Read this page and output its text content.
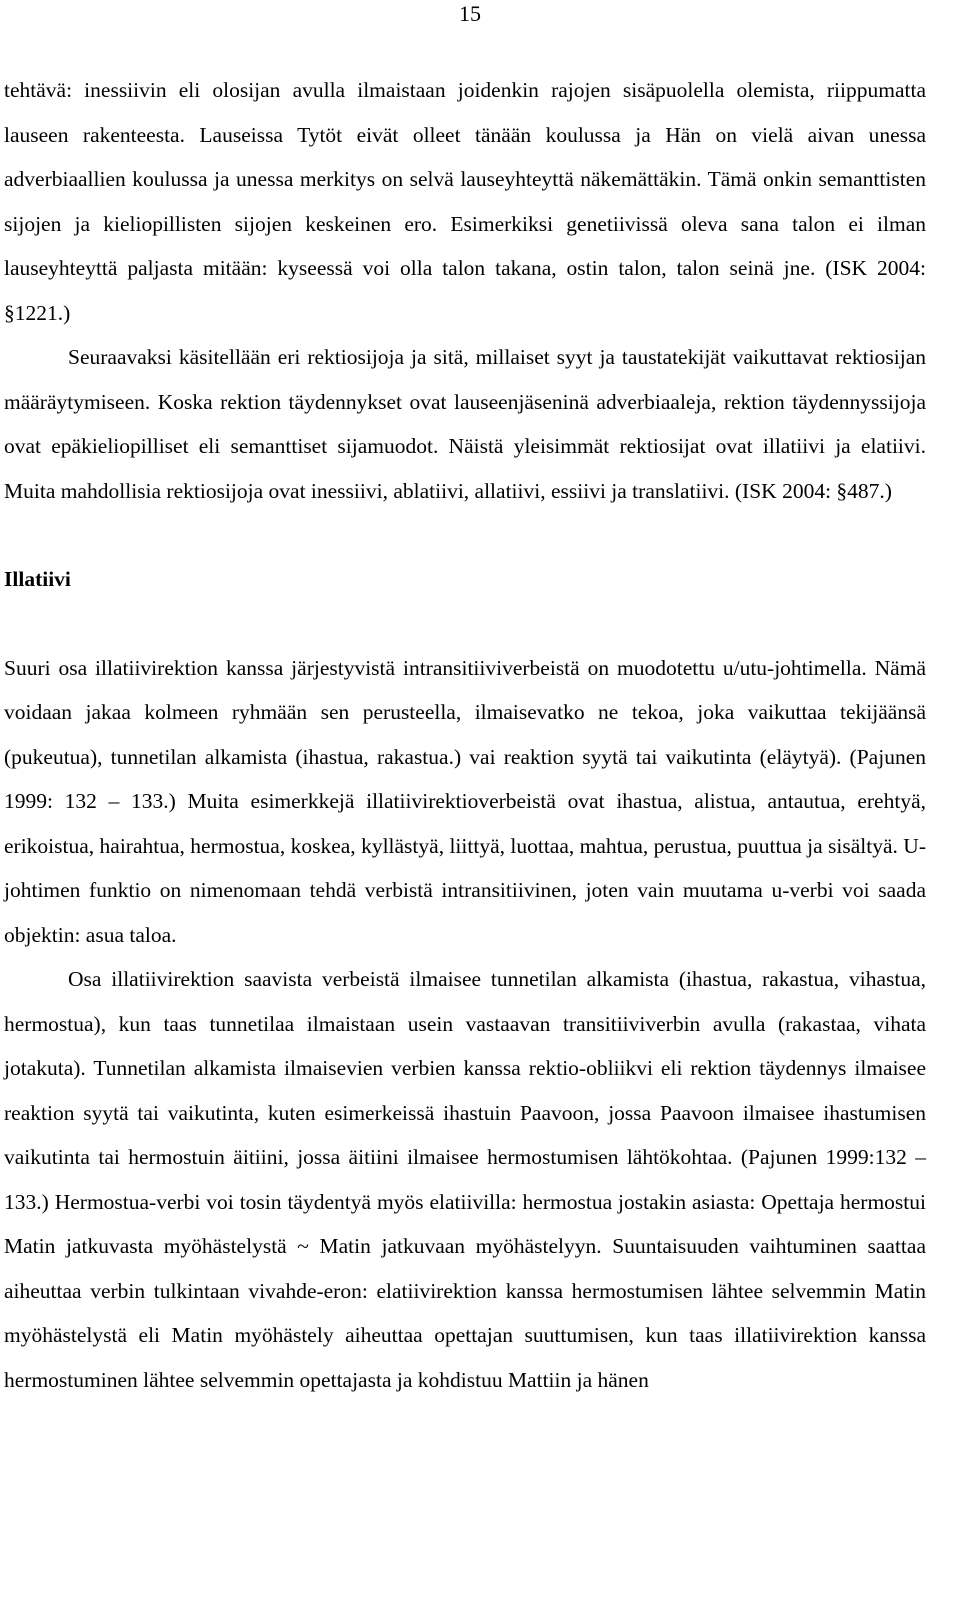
15

tehtävä: inessiivin eli olosijan avulla ilmaistaan joidenkin rajojen sisäpuolella olemista, riippumatta lauseen rakenteesta. Lauseissa Tytöt eivät olleet tänään koulussa ja Hän on vielä aivan unessa adverbiaallien koulussa ja unessa merkitys on selvä lauseyhteyttä näkemättäkin. Tämä onkin semanttisten sijojen ja kieliopillisten sijojen keskeinen ero. Esimerkiksi genetiivissä oleva sana talon ei ilman lauseyhteyttä paljasta mitään: kyseessä voi olla talon takana, ostin talon, talon seinä jne. (ISK 2004: §1221.)

Seuraavaksi käsitellään eri rektiosijoja ja sitä, millaiset syyt ja taustatekijät vaikuttavat rektiosijan määräytymiseen. Koska rektion täydennykset ovat lauseenjäseninä adverbiaaleja, rektion täydennyssijoja ovat epäkieliopilliset eli semanttiset sijamuodot. Näistä yleisimmät rektiosijat ovat illatiivi ja elatiivi. Muita mahdollisia rektiosijoja ovat inessiivi, ablatiivi, allatiivi, essiivi ja translatiivi. (ISK 2004: §487.)

Illatiivi

Suuri osa illatiivirektion kanssa järjestyvistä intransitiiviverbeistä on muodotettu u/utu-johtimella. Nämä voidaan jakaa kolmeen ryhmään sen perusteella, ilmaisevatko ne tekoa, joka vaikuttaa tekijäänsä (pukeutua), tunnetilan alkamista (ihastua, rakastua.) vai reaktion syytä tai vaikutinta (eläytyä). (Pajunen 1999: 132 – 133.) Muita esimerkkejä illatiivirektioverbeistä ovat ihastua, alistua, antautua, erehtyä, erikoistua, hairahtua, hermostua, koskea, kyllästyä, liittyä, luottaa, mahtua, perustua, puuttua ja sisältyä. U-johtimen funktio on nimenomaan tehdä verbistä intransitiivinen, joten vain muutama u-verbi voi saada objektin: asua taloa.

Osa illatiivirektion saavista verbeistä ilmaisee tunnetilan alkamista (ihastua, rakastua, vihastua, hermostua), kun taas tunnetilaa ilmaistaan usein vastaavan transitiiviverbin avulla (rakastaa, vihata jotakuta). Tunnetilan alkamista ilmaisevien verbien kanssa rektio-obliikvi eli rektion täydennys ilmaisee reaktion syytä tai vaikutinta, kuten esimerkeissä ihastuin Paavoon, jossa Paavoon ilmaisee ihastumisen vaikutinta tai hermostuin äitiini, jossa äitiini ilmaisee hermostumisen lähtökohtaa. (Pajunen 1999:132 – 133.) Hermostua-verbi voi tosin täydentyä myös elatiivilla: hermostua jostakin asiasta: Opettaja hermostui Matin jatkuvasta myöhästelystä ~ Matin jatkuvaan myöhästelyyn. Suuntaisuuden vaihtuminen saattaa aiheuttaa verbin tulkintaan vivahde-eron: elatiivirektion kanssa hermostumisen lähtee selvemmin Matin myöhästelystä eli Matin myöhästely aiheuttaa opettajan suuttumisen, kun taas illatiivirektion kanssa hermostuminen lähtee selvemmin opettajasta ja kohdistuu Mattiin ja hänen
